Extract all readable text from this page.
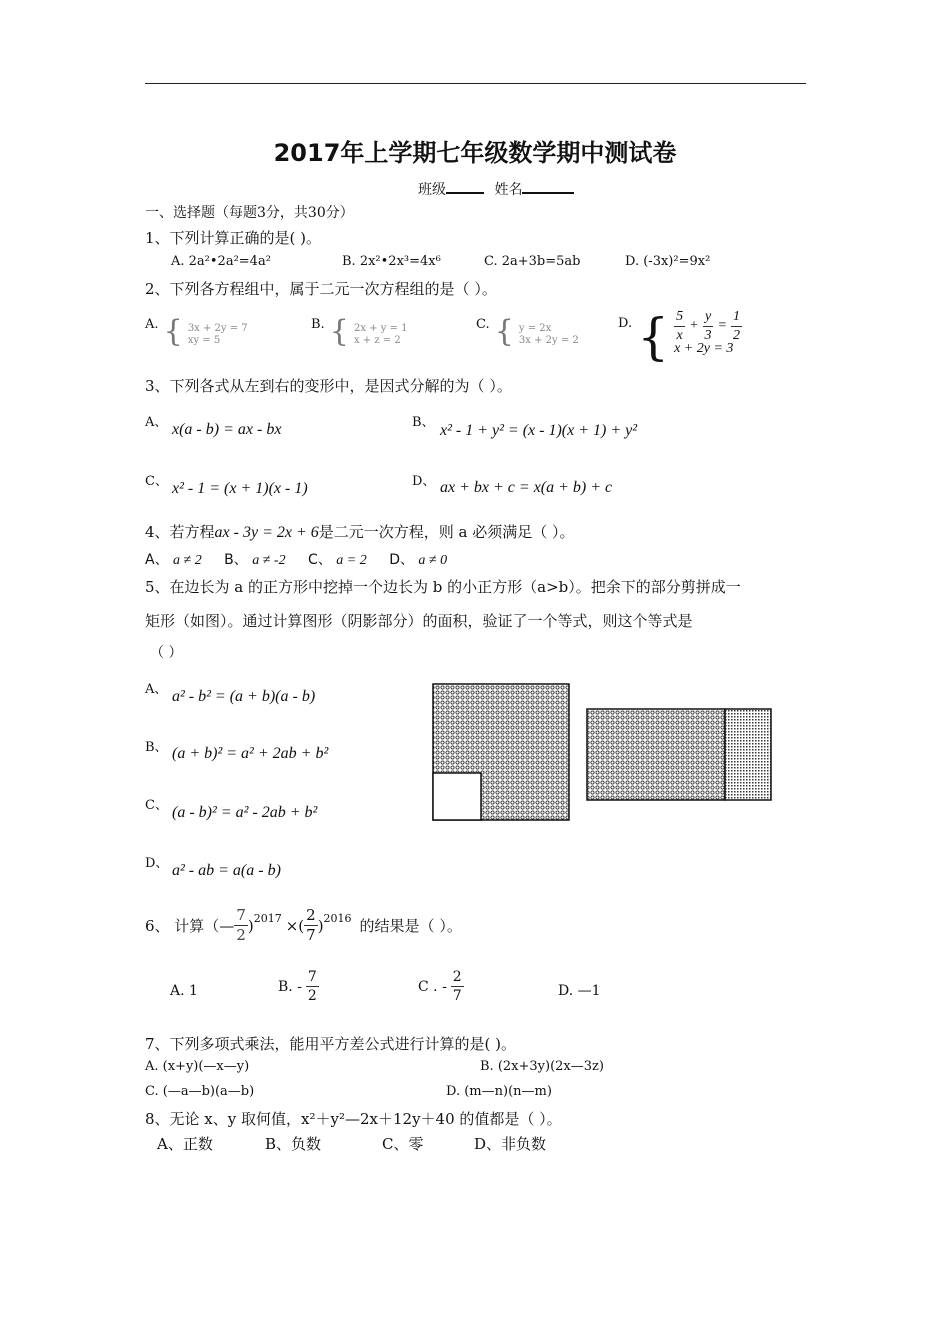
2017年上学期七年级数学期中测试卷
班级	姓名
一、选择题（每题3分，共30分）
1、下列计算正确的是( )。
A. 2a²•2a²=4a²	B. 2x²•2x³=4x⁶	C. 2a+3b=5ab	D. (-3x)²=9x²
2、下列各方程组中，属于二元一次方程组的是（ ）。
$^{A.}$ { 3x + 2y = 7
xy = 5
$^{B.}$ { 2x + y = 1
x + z = 2
$^{C.}$ { y = 2x
3x + 2y = 2
D. { $\frac{5}{x} + \frac{y}{3} = \frac{1}{2}$
x + 2y = 3
3、下列各式从左到右的变形中，是因式分解的为（ ）。
A、 x(a - b) = ax - bx	B、 x² - 1 + y² = (x - 1)(x + 1) + y²
C、 x² - 1 = (x + 1)(x - 1)	D、 ax + bx + c = x(a + b) + c
4、若方程ax - 3y = 2x + 6是二元一次方程，则 a 必须满足（ ）。
A、 a ≠ 2 B、 a ≠ -2 C、 a = 2 D、 a ≠ 0
5、在边长为 a 的正方形中挖掉一个边长为 b 的小正方形（a>b）。把余下的部分剪拼成一
矩形（如图）。通过计算图形（阴影部分）的面积，验证了一个等式，则这个等式是
（ ）
A、 a² - b² = (a + b)(a - b)
B、 (a + b)² = a² + 2ab + b²
C、 (a - b)² = a² - 2ab + b²
D、 a² - ab = a(a - b)
6、 计算（— $\frac{7}{2} )^{2017}$ ×( $\frac{2}{7} )^{2016}$ 的结果是（ ）。
A. 1	B. - $\frac{7}{2}$	C . - $\frac{2}{7}$	D. —1
7、下列多项式乘法，能用平方差公式进行计算的是( )。
A. (x+y)(—x—y)	B. (2x+3y)(2x—3z)
C. (—a—b)(a—b)	D. (m—n)(n—m)
8、无论 x、y 取何值，x²＋y²—2x＋12y＋40 的值都是（ ）。
A、正数	B、负数	C、零	D、非负数
